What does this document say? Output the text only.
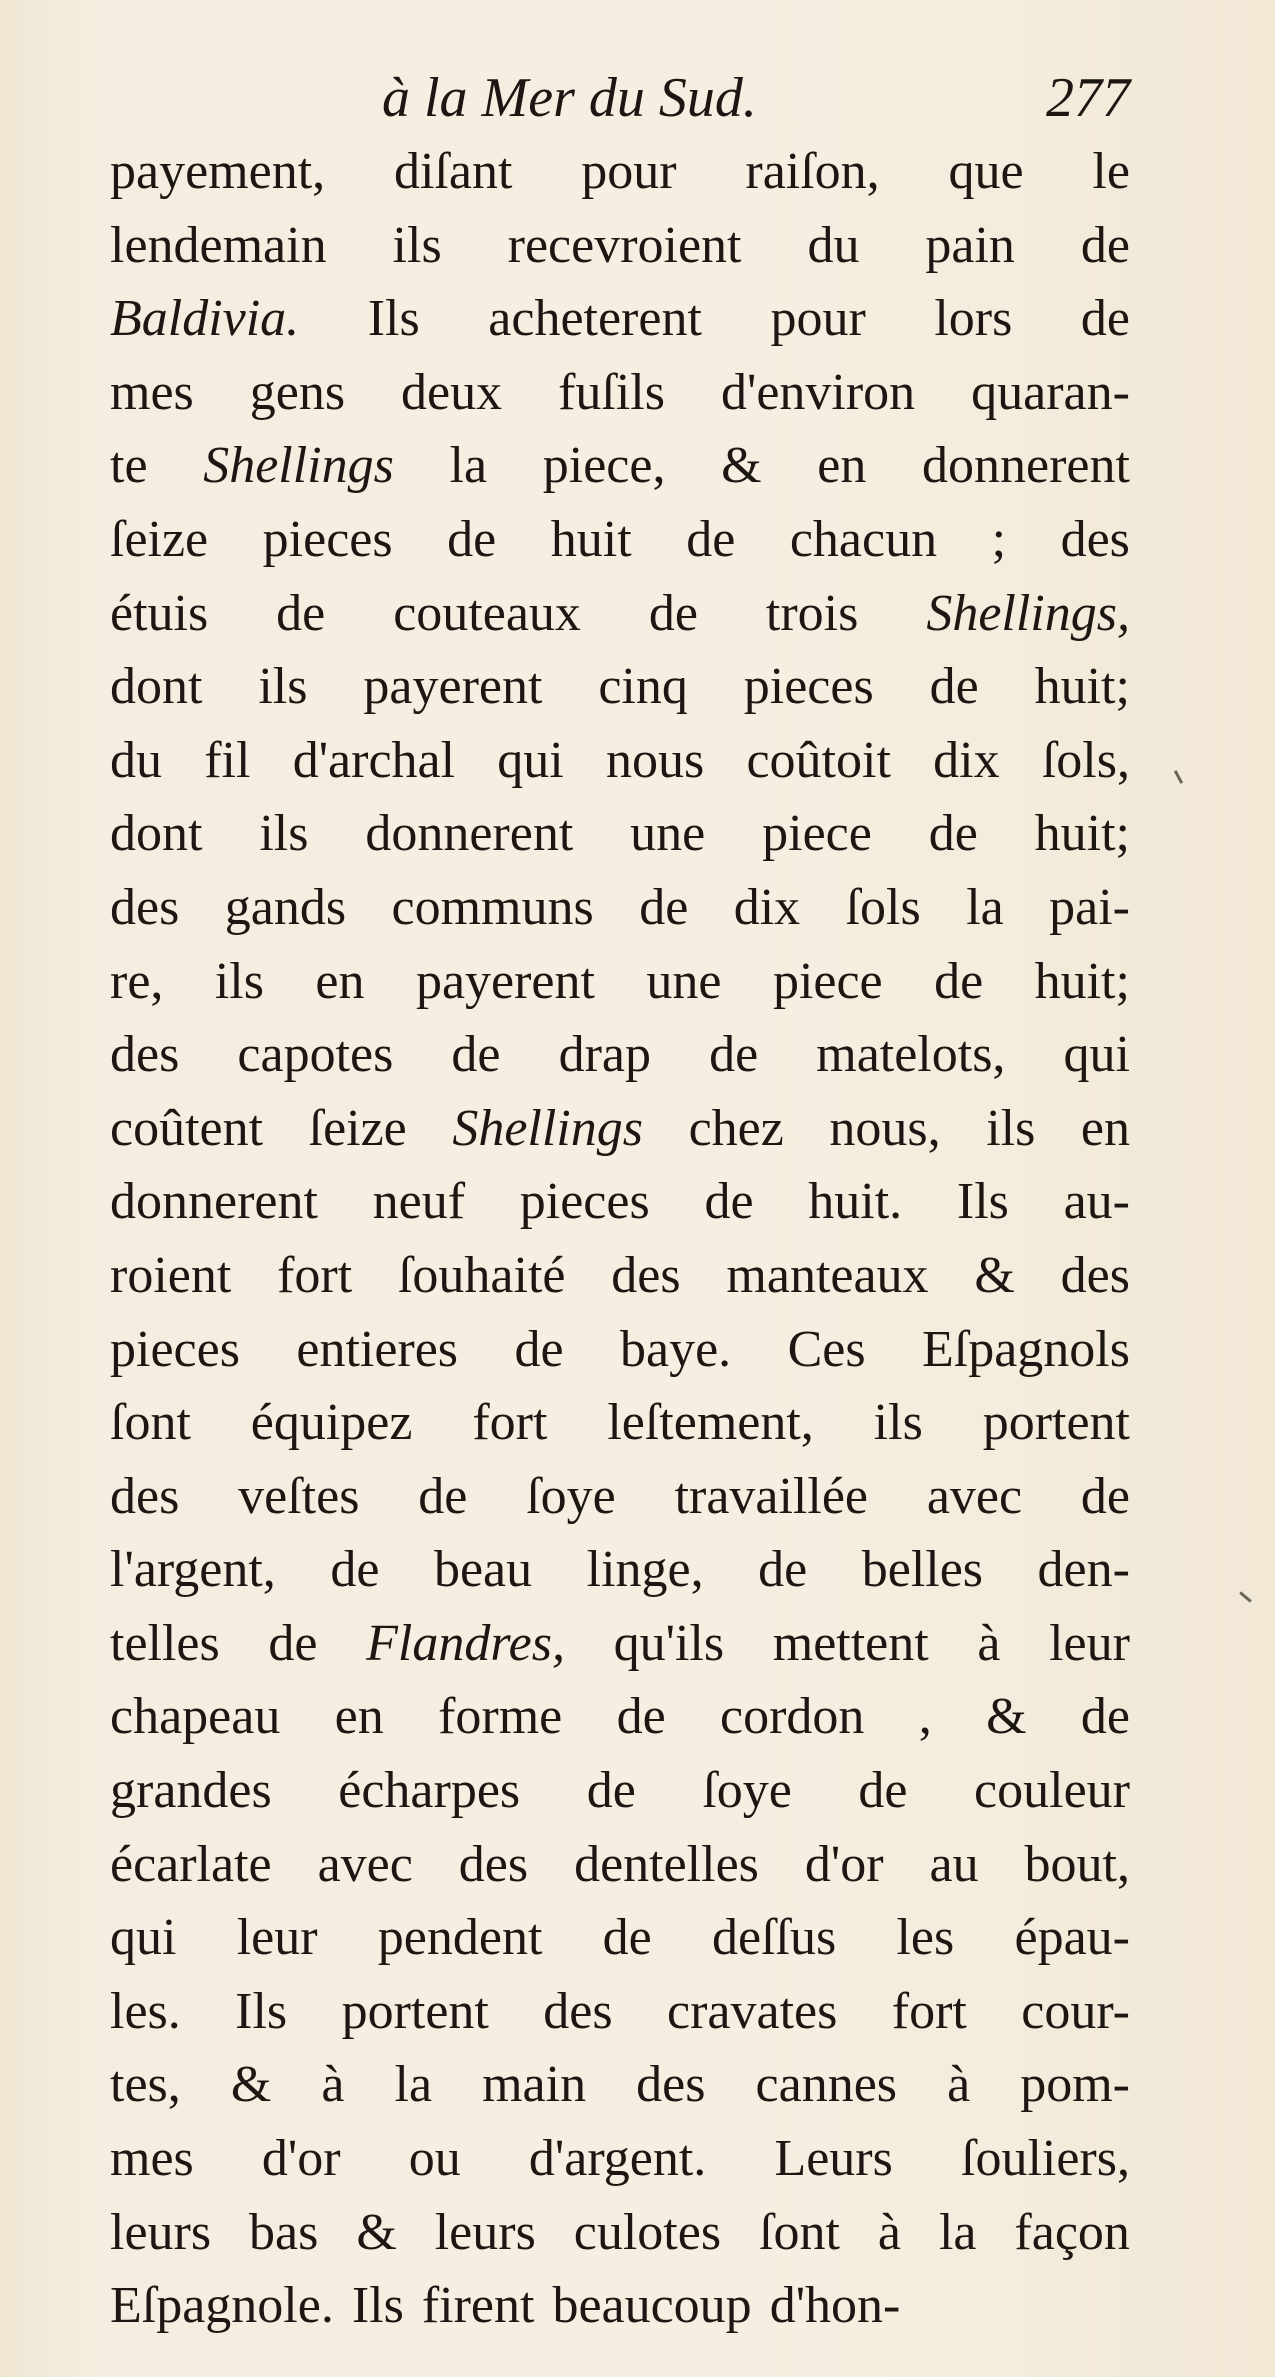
à la Mer du Sud.	277
payement, diſant pour raiſon, que le
lendemain ils recevroient du pain de
Baldivia. Ils acheterent pour lors de
mes gens deux fuſils d'environ quaran-
te Shellings la piece, & en donnerent
ſeize pieces de huit de chacun ; des
étuis de couteaux de trois Shellings,
dont ils payerent cinq pieces de huit;
du fil d'archal qui nous coûtoit dix ſols,
dont ils donnerent une piece de huit;
des gands communs de dix ſols la pai-
re, ils en payerent une piece de huit;
des capotes de drap de matelots, qui
coûtent ſeize Shellings chez nous, ils en
donnerent neuf pieces de huit. Ils au-
roient fort ſouhaité des manteaux & des
pieces entieres de baye. Ces Eſpagnols
ſont équipez fort leſtement, ils portent
des veſtes de ſoye travaillée avec de
l'argent, de beau linge, de belles den-
telles de Flandres, qu'ils mettent à leur
chapeau en forme de cordon , & de
grandes écharpes de ſoye de couleur
écarlate avec des dentelles d'or au bout,
qui leur pendent de deſſus les épau-
les. Ils portent des cravates fort cour-
tes, & à la main des cannes à pom-
mes d'or ou d'argent. Leurs ſouliers,
leurs bas & leurs culotes ſont à la façon
Eſpagnole. Ils firent beaucoup d'hon-
